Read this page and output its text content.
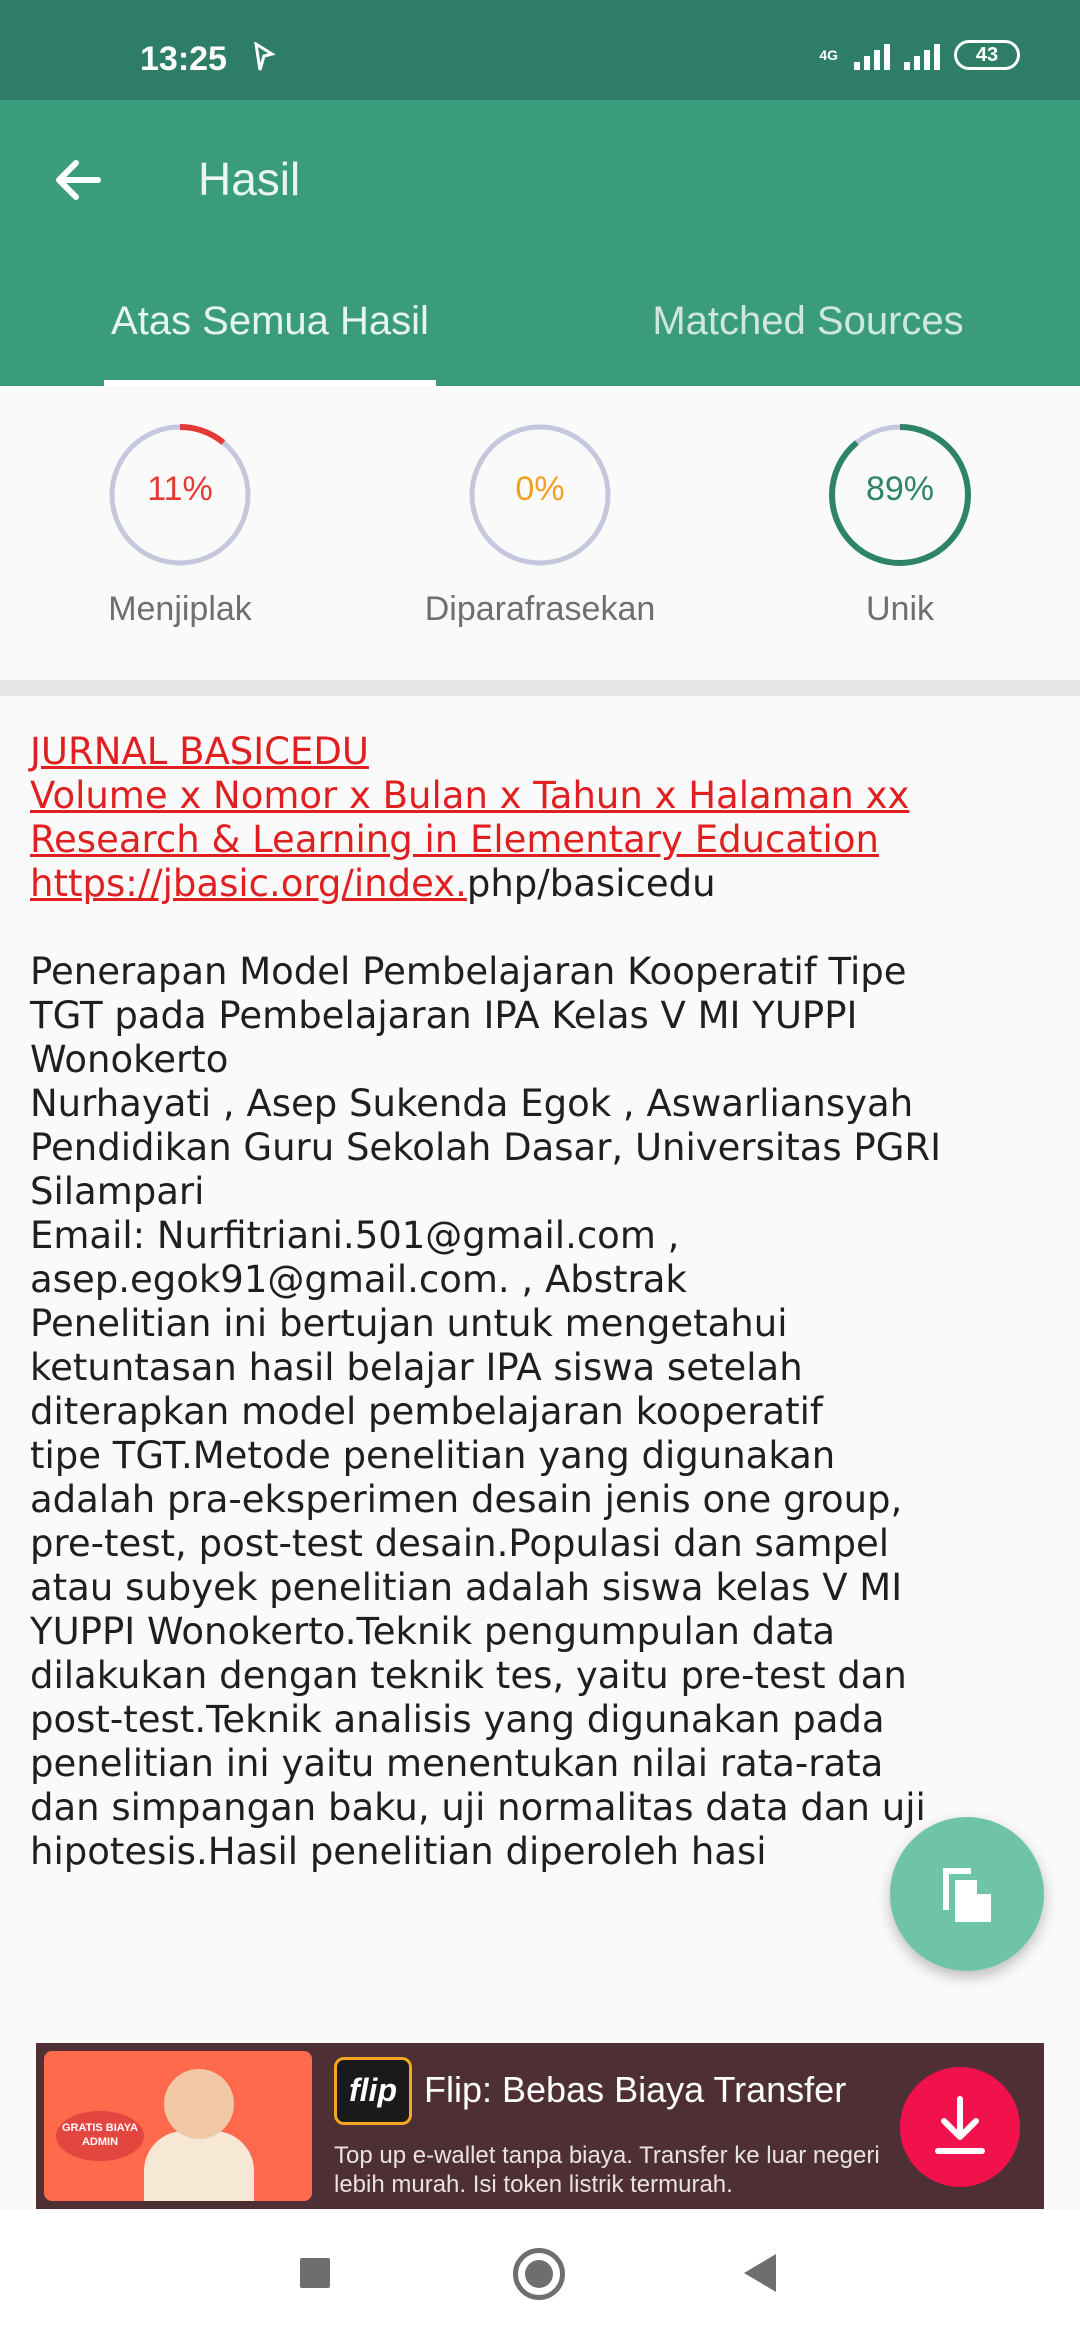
13:25	4G	43
Hasil
Atas Semua Hasil	Matched Sources
11%
Menjiplak
0%
Diparafrasekan
89%
Unik
JURNAL BASICEDU
Volume x Nomor x Bulan x Tahun x Halaman xx
Research & Learning in Elementary Education
https://jbasic.org/index.php/basicedu
Penerapan Model Pembelajaran Kooperatif Tipe
TGT pada Pembelajaran IPA Kelas V MI YUPPI
Wonokerto
Nurhayati , Asep Sukenda Egok , Aswarliansyah
Pendidikan Guru Sekolah Dasar, Universitas PGRI
Silampari
Email: Nurfitriani.501@gmail.com ,
asep.egok91@gmail.com. , Abstrak
Penelitian ini bertujan untuk mengetahui
ketuntasan hasil belajar IPA siswa setelah
diterapkan model pembelajaran kooperatif
tipe TGT.Metode penelitian yang digunakan
adalah pra-eksperimen desain jenis one group,
pre-test, post-test desain.Populasi dan sampel
atau subyek penelitian adalah siswa kelas V MI
YUPPI Wonokerto.Teknik pengumpulan data
dilakukan dengan teknik tes, yaitu pre-test dan
post-test.Teknik analisis yang digunakan pada
penelitian ini yaitu menentukan nilai rata-rata
dan simpangan baku, uji normalitas data dan uji
hipotesis.Hasil penelitian diperoleh hasi
GRATIS BIAYA ADMIN
flip Flip: Bebas Biaya Transfer
Top up e-wallet tanpa biaya. Transfer ke luar negeri lebih murah. Isi token listrik termurah.
